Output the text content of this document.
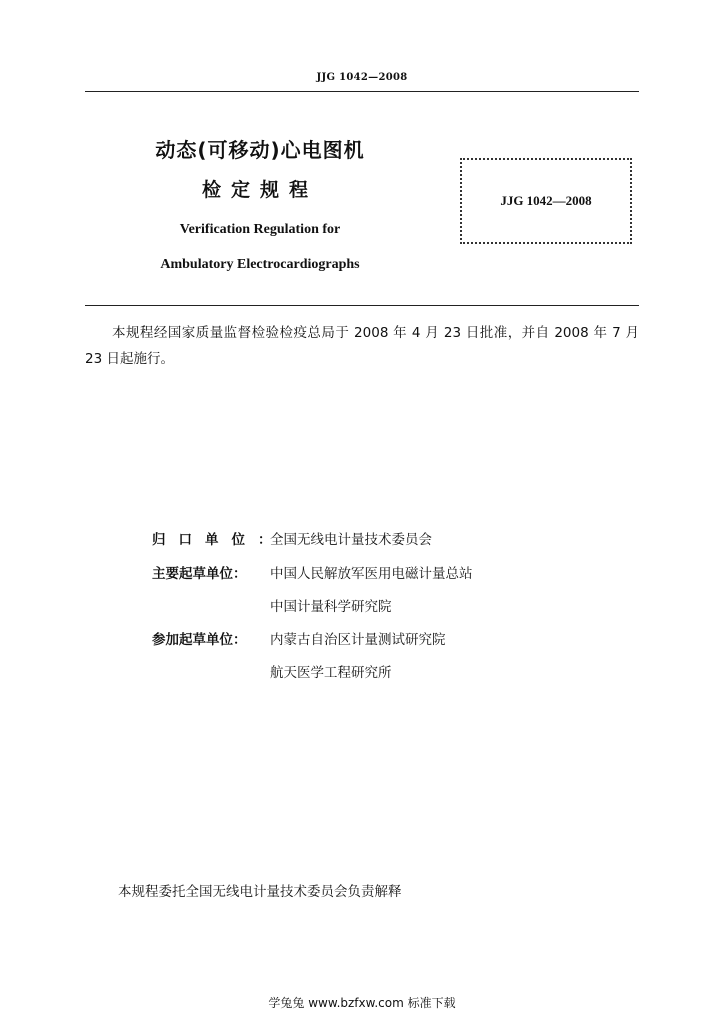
JJG 1042—2008
动态(可移动)心电图机
检定规程
Verification Regulation for
Ambulatory Electrocardiographs
JJG 1042—2008
本规程经国家质量监督检验检疫总局于 2008 年 4 月 23 日批准，并自 2008 年 7 月 23 日起施行。
归口单位：全国无线电计量技术委员会
主要起草单位： 中国人民解放军医用电磁计量总站
中国计量科学研究院
参加起草单位： 内蒙古自治区计量测试研究院
航天医学工程研究所
本规程委托全国无线电计量技术委员会负责解释
学兔兔 www.bzfxw.com 标准下载
